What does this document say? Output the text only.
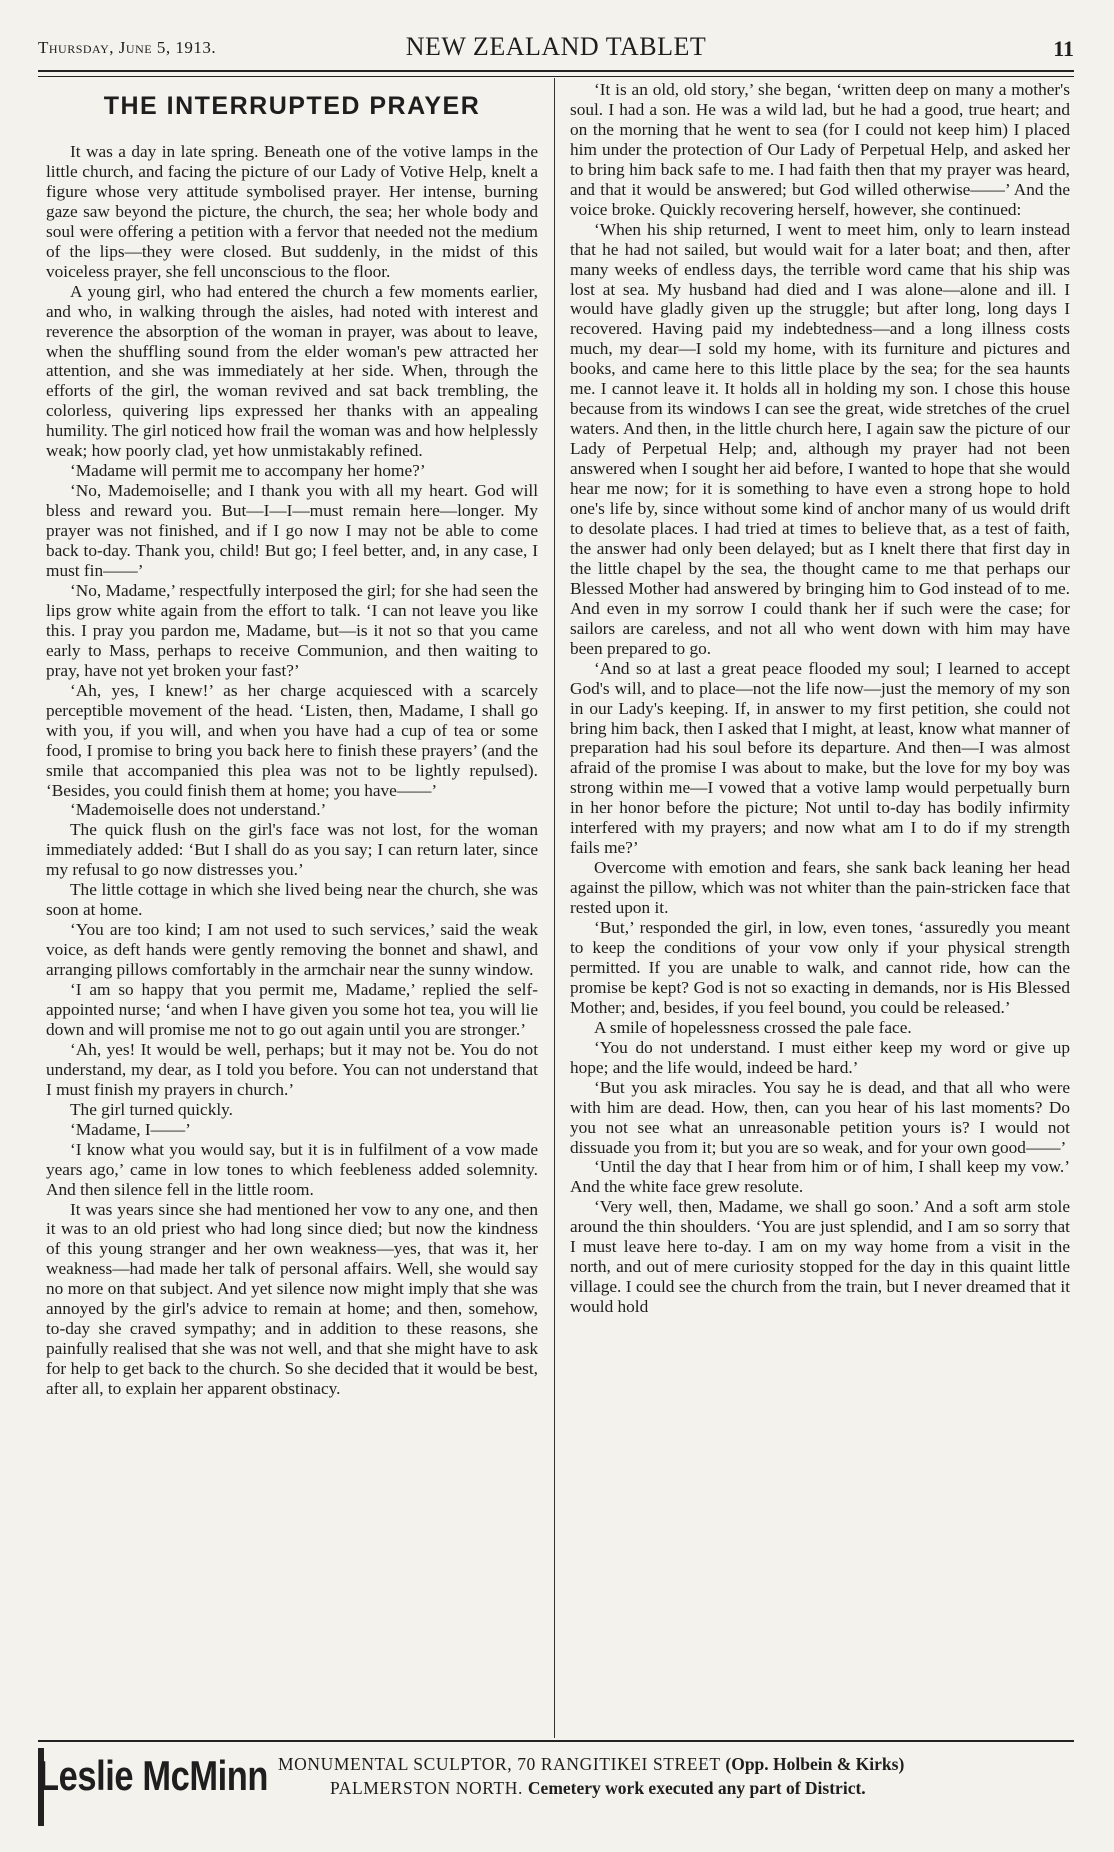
Thursday, June 5, 1913.	NEW ZEALAND TABLET	11
THE INTERRUPTED PRAYER

It was a day in late spring. Beneath one of the votive lamps in the little church, and facing the picture of our Lady of Votive Help, knelt a figure whose very attitude symbolised prayer. Her intense, burning gaze saw beyond the picture, the church, the sea; her whole body and soul were offering a petition with a fervor that needed not the medium of the lips—they were closed. But suddenly, in the midst of this voiceless prayer, she fell unconscious to the floor.

A young girl, who had entered the church a few moments earlier, and who, in walking through the aisles, had noted with interest and reverence the absorption of the woman in prayer, was about to leave, when the shuffling sound from the elder woman's pew attracted her attention, and she was immediately at her side. When, through the efforts of the girl, the woman revived and sat back trembling, the colorless, quivering lips expressed her thanks with an appealing humility. The girl noticed how frail the woman was and how helplessly weak; how poorly clad, yet how unmistakably refined.

‘Madame will permit me to accompany her home?’

‘No, Mademoiselle; and I thank you with all my heart. God will bless and reward you. But—I—I—must remain here—longer. My prayer was not finished, and if I go now I may not be able to come back to-day. Thank you, child! But go; I feel better, and, in any case, I must fin——’

‘No, Madame,’ respectfully interposed the girl; for she had seen the lips grow white again from the effort to talk. ‘I can not leave you like this. I pray you pardon me, Madame, but—is it not so that you came early to Mass, perhaps to receive Communion, and then waiting to pray, have not yet broken your fast?’

‘Ah, yes, I knew!’ as her charge acquiesced with a scarcely perceptible movement of the head. ‘Listen, then, Madame, I shall go with you, if you will, and when you have had a cup of tea or some food, I promise to bring you back here to finish these prayers’ (and the smile that accompanied this plea was not to be lightly repulsed). ‘Besides, you could finish them at home; you have——’

‘Mademoiselle does not understand.’

The quick flush on the girl's face was not lost, for the woman immediately added: ‘But I shall do as you say; I can return later, since my refusal to go now distresses you.’

The little cottage in which she lived being near the church, she was soon at home.

‘You are too kind; I am not used to such services,’ said the weak voice, as deft hands were gently removing the bonnet and shawl, and arranging pillows comfortably in the armchair near the sunny window.

‘I am so happy that you permit me, Madame,’ replied the self-appointed nurse; ‘and when I have given you some hot tea, you will lie down and will promise me not to go out again until you are stronger.’

‘Ah, yes! It would be well, perhaps; but it may not be. You do not understand, my dear, as I told you before. You can not understand that I must finish my prayers in church.’

The girl turned quickly.

‘Madame, I——’

‘I know what you would say, but it is in fulfilment of a vow made years ago,’ came in low tones to which feebleness added solemnity. And then silence fell in the little room.

It was years since she had mentioned her vow to any one, and then it was to an old priest who had long since died; but now the kindness of this young stranger and her own weakness—yes, that was it, her weakness—had made her talk of personal affairs. Well, she would say no more on that subject. And yet silence now might imply that she was annoyed by the girl's advice to remain at home; and then, somehow, to-day she craved sympathy; and in addition to these reasons, she painfully realised that she was not well, and that she might have to ask for help to get back to the church. So she decided that it would be best, after all, to explain her apparent obstinacy.

‘It is an old, old story,’ she began, ‘written deep on many a mother's soul. I had a son. He was a wild lad, but he had a good, true heart; and on the morning that he went to sea (for I could not keep him) I placed him under the protection of Our Lady of Perpetual Help, and asked her to bring him back safe to me. I had faith then that my prayer was heard, and that it would be answered; but God willed otherwise——’ And the voice broke. Quickly recovering herself, however, she continued:

‘When his ship returned, I went to meet him, only to learn instead that he had not sailed, but would wait for a later boat; and then, after many weeks of endless days, the terrible word came that his ship was lost at sea. My husband had died and I was alone—alone and ill. I would have gladly given up the struggle; but after long, long days I recovered. Having paid my indebtedness—and a long illness costs much, my dear—I sold my home, with its furniture and pictures and books, and came here to this little place by the sea; for the sea haunts me. I cannot leave it. It holds all in holding my son. I chose this house because from its windows I can see the great, wide stretches of the cruel waters. And then, in the little church here, I again saw the picture of our Lady of Perpetual Help; and, although my prayer had not been answered when I sought her aid before, I wanted to hope that she would hear me now; for it is something to have even a strong hope to hold one's life by, since without some kind of anchor many of us would drift to desolate places. I had tried at times to believe that, as a test of faith, the answer had only been delayed; but as I knelt there that first day in the little chapel by the sea, the thought came to me that perhaps our Blessed Mother had answered by bringing him to God instead of to me. And even in my sorrow I could thank her if such were the case; for sailors are careless, and not all who went down with him may have been prepared to go.

‘And so at last a great peace flooded my soul; I learned to accept God's will, and to place—not the life now—just the memory of my son in our Lady's keeping. If, in answer to my first petition, she could not bring him back, then I asked that I might, at least, know what manner of preparation had his soul before its departure. And then—I was almost afraid of the promise I was about to make, but the love for my boy was strong within me—I vowed that a votive lamp would perpetually burn in her honor before the picture; Not until to-day has bodily infirmity interfered with my prayers; and now what am I to do if my strength fails me?’

Overcome with emotion and fears, she sank back leaning her head against the pillow, which was not whiter than the pain-stricken face that rested upon it.

‘But,’ responded the girl, in low, even tones, ‘assuredly you meant to keep the conditions of your vow only if your physical strength permitted. If you are unable to walk, and cannot ride, how can the promise be kept? God is not so exacting in demands, nor is His Blessed Mother; and, besides, if you feel bound, you could be released.’

A smile of hopelessness crossed the pale face.

‘You do not understand. I must either keep my word or give up hope; and the life would, indeed be hard.’

‘But you ask miracles. You say he is dead, and that all who were with him are dead. How, then, can you hear of his last moments? Do you not see what an unreasonable petition yours is? I would not dissuade you from it; but you are so weak, and for your own good——’

‘Until the day that I hear from him or of him, I shall keep my vow.’ And the white face grew resolute.

‘Very well, then, Madame, we shall go soon.’ And a soft arm stole around the thin shoulders. ‘You are just splendid, and I am so sorry that I must leave here to-day. I am on my way home from a visit in the north, and out of mere curiosity stopped for the day in this quaint little village. I could see the church from the train, but I never dreamed that it would hold

Leslie McMinn MONUMENTAL SCULPTOR, 70 RANGITIKEI STREET (Opp. Holbein & Kirks)
PALMERSTON NORTH. Cemetery work executed any part of District.
